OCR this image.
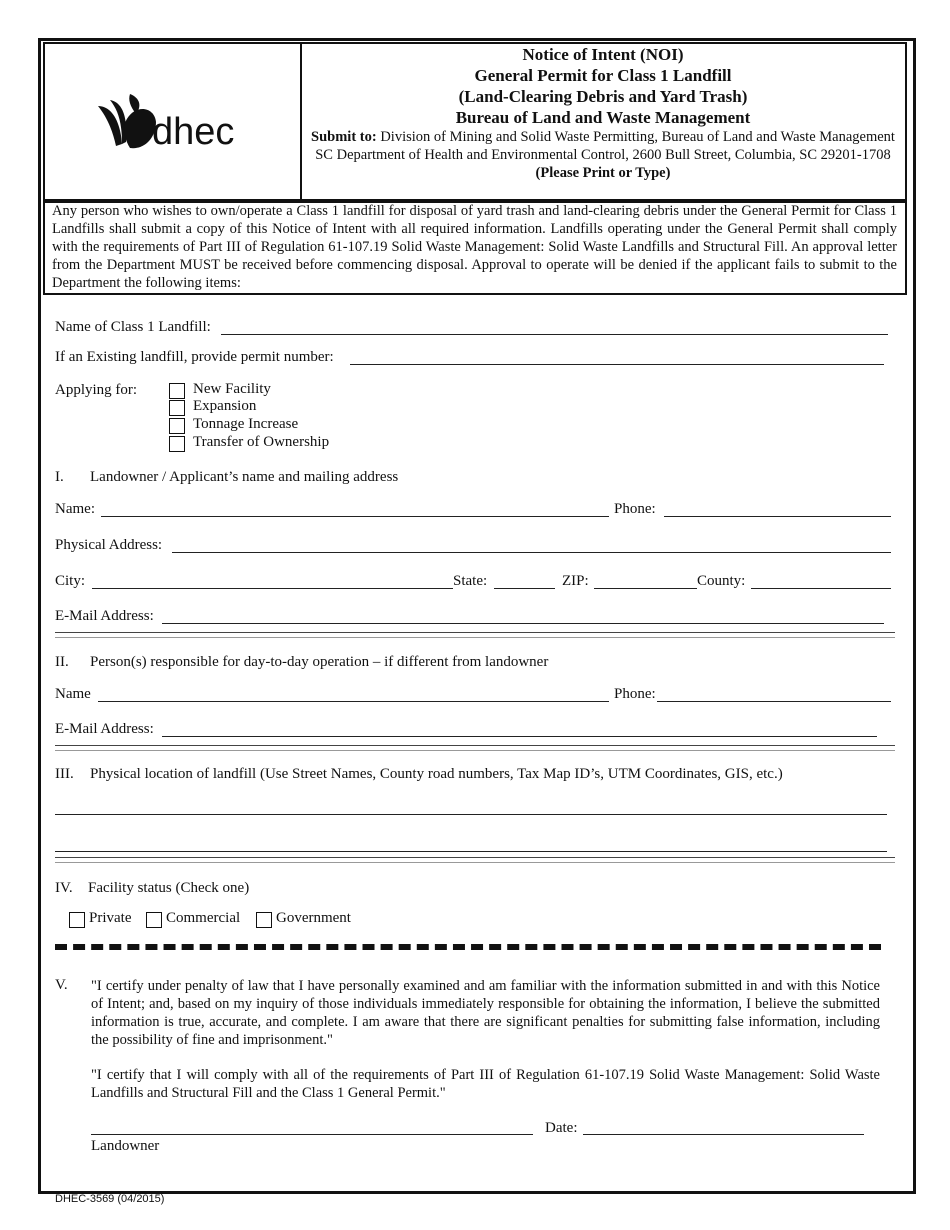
dhec
Notice of Intent (NOI)
General Permit for Class 1 Landfill
(Land-Clearing Debris and Yard Trash)
Bureau of Land and Waste Management
Submit to: Division of Mining and Solid Waste Permitting, Bureau of Land and Waste Management SC Department of Health and Environmental Control, 2600 Bull Street, Columbia, SC 29201-1708
(Please Print or Type)
Any person who wishes to own/operate a Class 1 landfill for disposal of yard trash and land-clearing debris under the General Permit for Class 1 Landfills shall submit a copy of this Notice of Intent with all required information. Landfills operating under the General Permit shall comply with the requirements of Part III of Regulation 61-107.19 Solid Waste Management: Solid Waste Landfills and Structural Fill. An approval letter from the Department MUST be received before commencing disposal. Approval to operate will be denied if the applicant fails to submit to the Department the following items:
Name of Class 1 Landfill:
If an Existing landfill, provide permit number:
Applying for:	New Facility
Expansion
Tonnage Increase
Transfer of Ownership
I. Landowner / Applicant’s name and mailing address
Name:	Phone:
Physical Address:
City:	State:	ZIP:	County:
E-Mail Address:
II. Person(s) responsible for day-to-day operation – if different from landowner
Name	Phone:
E-Mail Address:
III. Physical location of landfill (Use Street Names, County road numbers, Tax Map ID’s, UTM Coordinates, GIS, etc.)
IV. Facility status (Check one)
Private Commercial Government
V. "I certify under penalty of law that I have personally examined and am familiar with the information submitted in and with this Notice of Intent; and, based on my inquiry of those individuals immediately responsible for obtaining the information, I believe the submitted information is true, accurate, and complete. I am aware that there are significant penalties for submitting false information, including the possibility of fine and imprisonment."
"I certify that I will comply with all of the requirements of Part III of Regulation 61-107.19 Solid Waste Management: Solid Waste Landfills and Structural Fill and the Class 1 General Permit."
Date:
Landowner
DHEC-3569 (04/2015)
